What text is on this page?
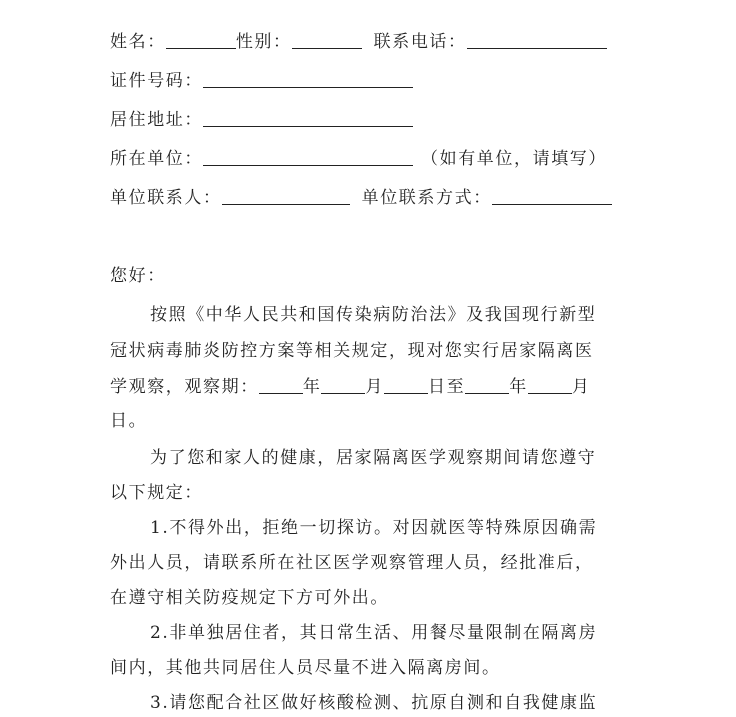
姓名：	性别：	联系电话：
证件号码：
居住地址：
所在单位：	（如有单位，请填写）
单位联系人：	单位联系方式：
您好：
按照《中华人民共和国传染病防治法》及我国现行新型
冠状病毒肺炎防控方案等相关规定，现对您实行居家隔离医
学观察，观察期：	年	月	日至	年	月
日。
为了您和家人的健康，居家隔离医学观察期间请您遵守
以下规定：
1.不得外出，拒绝一切探访。对因就医等特殊原因确需
外出人员，请联系所在社区医学观察管理人员，经批准后，
在遵守相关防疫规定下方可外出。
2.非单独居住者，其日常生活、用餐尽量限制在隔离房
间内，其他共同居住人员尽量不进入隔离房间。
3.请您配合社区做好核酸检测、抗原自测和自我健康监
